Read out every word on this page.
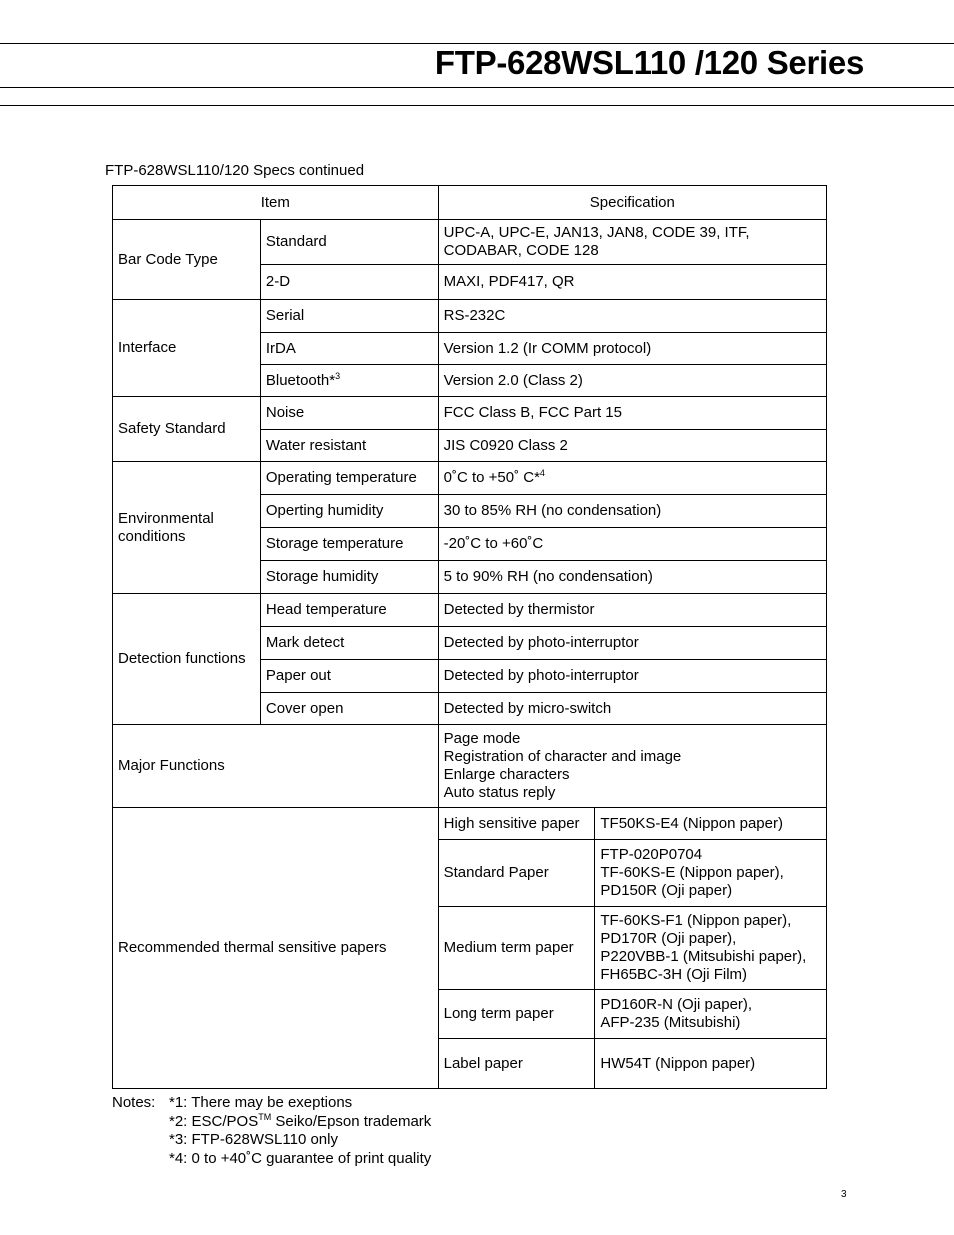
FTP-628WSL110 /120 Series
FTP-628WSL110/120 Specs continued
Item		Specification	
Bar Code Type	Standard	UPC-A, UPC-E, JAN13, JAN8, CODE 39, ITF, CODABAR, CODE 128	
	2-D	MAXI, PDF417, QR	
Interface	Serial	RS-232C	
	IrDA	Version 1.2 (Ir COMM protocol)	
	Bluetooth*$^3$	Version 2.0 (Class 2)	
Safety Standard	Noise	FCC Class B, FCC Part 15	
	Water resistant	JIS C0920 Class 2	
Environmental conditions	Operating temperature	0˚C to +50˚ C*$^4$
	Operting humidity	30 to 85% RH (no condensation)	
	Storage temperature	-20˚C to +60˚C	
	Storage humidity	5 to 90% RH (no condensation)	
Detection functions	Head temperature	Detected by thermistor	
	Mark detect	Detected by photo-interruptor	
	Paper out	Detected by photo-interruptor	
	Cover open	Detected by micro-switch	
Major Functions		Page mode
Registration of character and image
Enlarge characters
Auto status reply	

Recommended thermal sensitive papers		High sensitive paper	TF50KS-E4 (Nippon paper)

		Standard Paper	FTP-020P0704
TF-60KS-E (Nippon paper),
PD150R (Oji paper)

		Medium term paper	TF-60KS-F1 (Nippon paper),
PD170R (Oji paper),
P220VBB-1 (Mitsubishi paper),
FH65BC-3H (Oji Film)

		Long term paper	PD160R-N (Oji paper),
AFP-235 (Mitsubishi)

		Label paper	HW54T (Nippon paper)
Notes: *1: There may be exeptions
*2: ESC/POS™ Seiko/Epson trademark
*3: FTP-628WSL110 only
*4: 0 to +40˚C guarantee of print quality
3
